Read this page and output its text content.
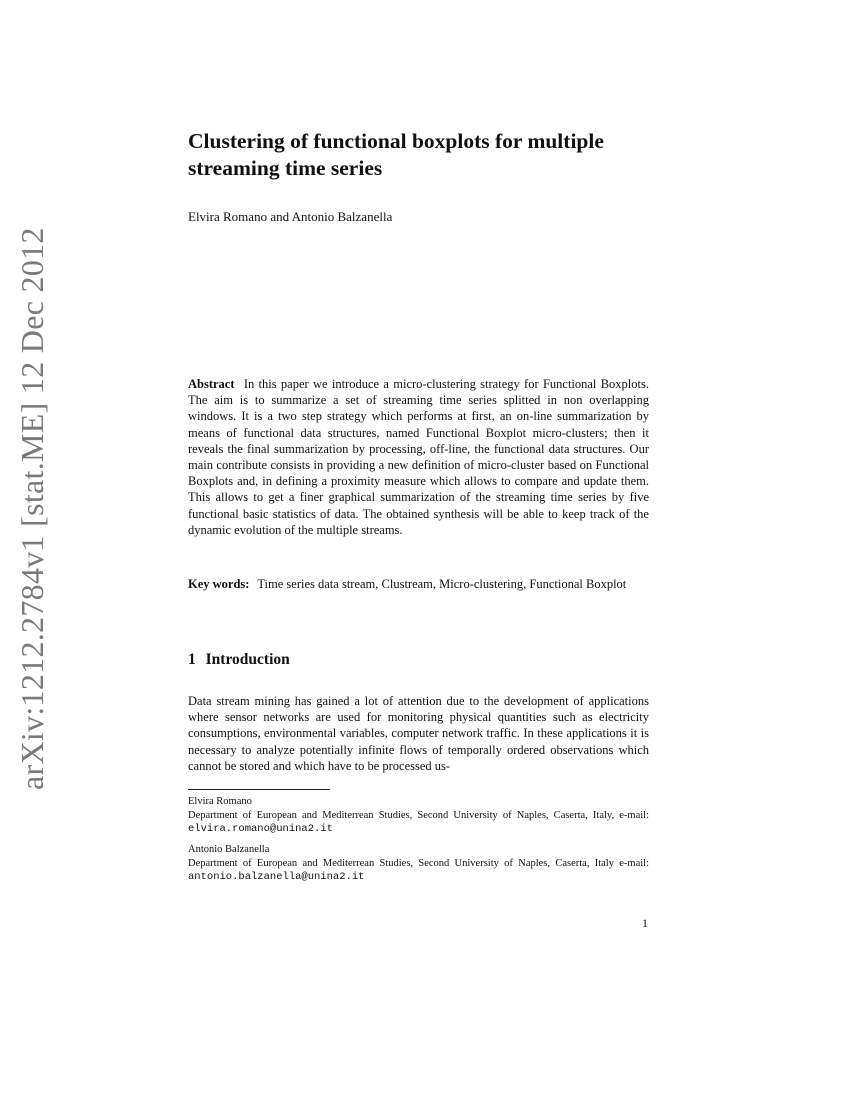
arXiv:1212.2784v1 [stat.ME] 12 Dec 2012
Clustering of functional boxplots for multiple streaming time series
Elvira Romano and Antonio Balzanella

Abstract In this paper we introduce a micro-clustering strategy for Functional Boxplots. The aim is to summarize a set of streaming time series splitted in non overlapping windows. It is a two step strategy which performs at first, an on-line summarization by means of functional data structures, named Functional Boxplot micro-clusters; then it reveals the final summarization by processing, off-line, the functional data structures. Our main contribute consists in providing a new definition of micro-cluster based on Functional Boxplots and, in defining a proximity measure which allows to compare and update them. This allows to get a finer graphical summarization of the streaming time series by five functional basic statistics of data. The obtained synthesis will be able to keep track of the dynamic evolution of the multiple streams.

Key words: Time series data stream, Clustream, Micro-clustering, Functional Boxplot

1 Introduction

Data stream mining has gained a lot of attention due to the development of applications where sensor networks are used for monitoring physical quantities such as electricity consumptions, environmental variables, computer network traffic. In these applications it is necessary to analyze potentially infinite flows of temporally ordered observations which cannot be stored and which have to be processed us-

Elvira Romano
Department of European and Mediterrean Studies, Second University of Naples, Caserta, Italy, e-mail: elvira.romano@unina2.it
Antonio Balzanella
Department of European and Mediterrean Studies, Second University of Naples, Caserta, Italy e-mail: antonio.balzanella@unina2.it
1
